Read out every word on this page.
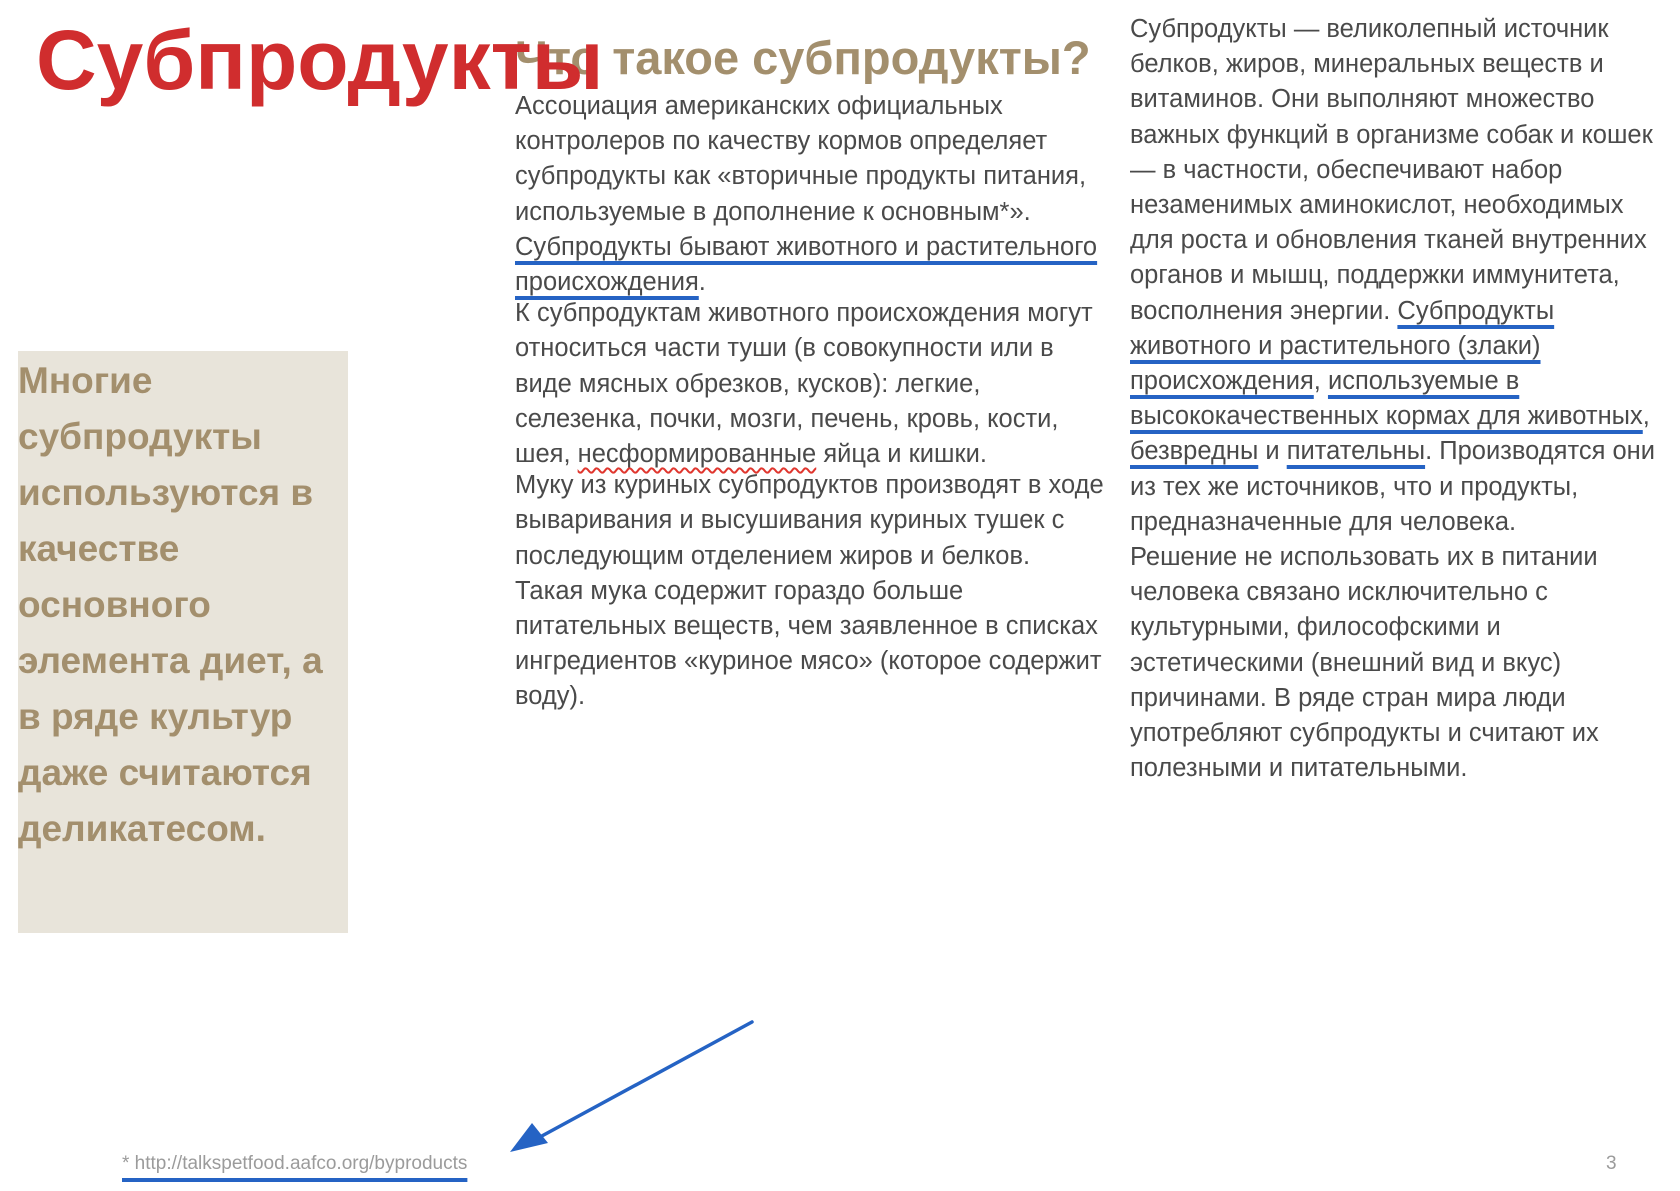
Субпродукты

Многие субпродукты используются в качестве основного элемента диет, а в ряде культур даже считаются деликатесом.

Что такое субпродукты?

Ассоциация американских официальных контролеров по качеству кормов определяет субпродукты как «вторичные продукты питания, используемые в дополнение к основным*». Субпродукты бывают животного и растительного происхождения.

К субпродуктам животного происхождения могут относиться части туши (в совокупности или в виде мясных обрезков, кусков): легкие, селезенка, почки, мозги, печень, кровь, кости, шея, несформированные яйца и кишки.

Муку из куриных субпродуктов производят в ходе вываривания и высушивания куриных тушек с последующим отделением жиров и белков. Такая мука содержит гораздо больше питательных веществ, чем заявленное в списках ингредиентов «куриное мясо» (которое содержит воду).

Субпродукты — великолепный источник белков, жиров, минеральных веществ и витаминов. Они выполняют множество важных функций в организме собак и кошек — в частности, обеспечивают набор незаменимых аминокислот, необходимых для роста и обновления тканей внутренних органов и мышц, поддержки иммунитета, восполнения энергии. Субпродукты животного и растительного (злаки) происхождения, используемые в высококачественных кормах для животных, безвредны и питательны. Производятся они из тех же источников, что и продукты, предназначенные для человека.

Решение не использовать их в питании человека связано исключительно с культурными, философскими и эстетическими (внешний вид и вкус) причинами. В ряде стран мира люди употребляют субпродукты и считают их полезными и питательными.

* http://talkspetfood.aafco.org/byproducts	3
